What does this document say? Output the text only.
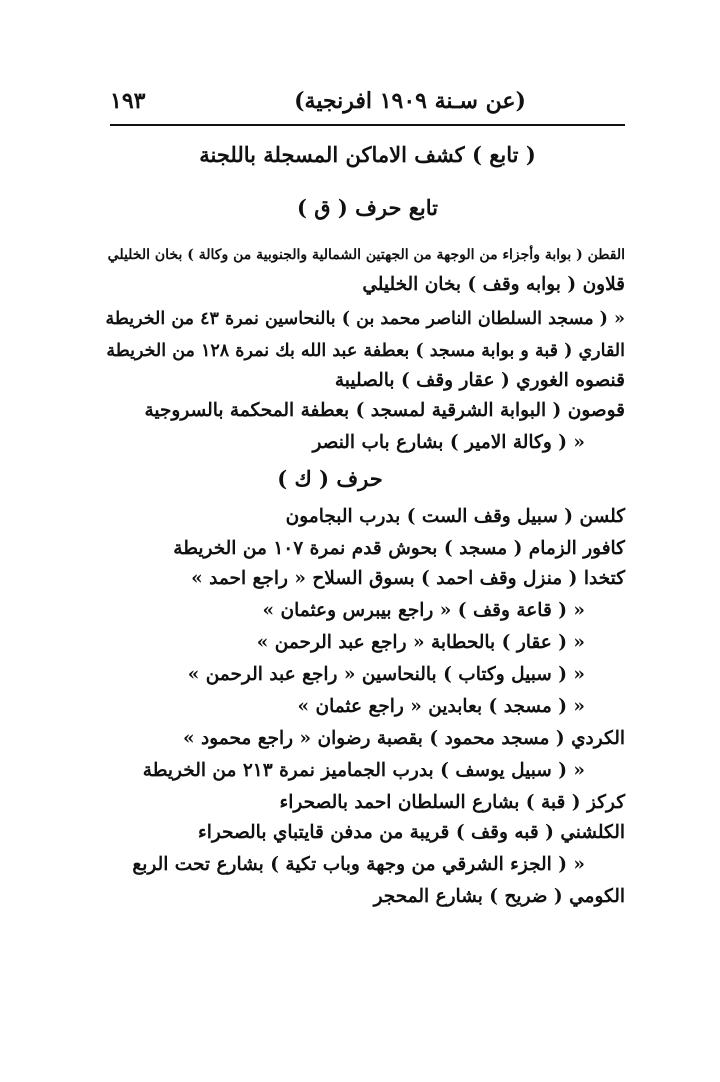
١٩٣	(عن سـنة ١٩٠٩ افرنجية)
( تابع ) كشف الاماكن المسجلة باللجنة
تابع حرف ( ق )
القطن ( بوابة وأجزاء من الوجهة من الجهتين الشمالية والجنوبية من وكالة ) بخان الخليلي
قلاون ( بوابه وقف ) بخان الخليلي
« ( مسجد السلطان الناصر محمد بن ) بالنحاسين نمرة ٤٣ من الخريطة
القاري ( قبة و بوابة مسجد ) بعطفة عبد الله بك نمرة ١٢٨ من الخريطة
قنصوه الغوري ( عقار وقف ) بالصليبة
قوصون ( البوابة الشرقية لمسجد ) بعطفة المحكمة بالسروجية
« ( وكالة الامير ) بشارع باب النصر
حرف ( ك )
كلسن ( سبيل وقف الست ) بدرب البجامون
كافور الزمام ( مسجد ) بحوش قدم نمرة ١٠٧ من الخريطة
كتخدا ( منزل وقف احمد ) بسوق السلاح « راجع احمد »
« ( قاعة وقف ) « راجع بيبرس وعثمان »
« ( عقار ) بالحطابة « راجع عبد الرحمن »
« ( سبيل وكتاب ) بالنحاسين « راجع عبد الرحمن »
« ( مسجد ) بعابدين « راجع عثمان »
الكردي ( مسجد محمود ) بقصبة رضوان « راجع محمود »
« ( سبيل يوسف ) بدرب الجماميز نمرة ٢١٣ من الخريطة
كركز ( قبة ) بشارع السلطان احمد بالصحراء
الكلشني ( قبه وقف ) قريبة من مدفن قايتباي بالصحراء
« ( الجزء الشرقي من وجهة وباب تكية ) بشارع تحت الربع
الكومي ( ضريح ) بشارع المحجر
